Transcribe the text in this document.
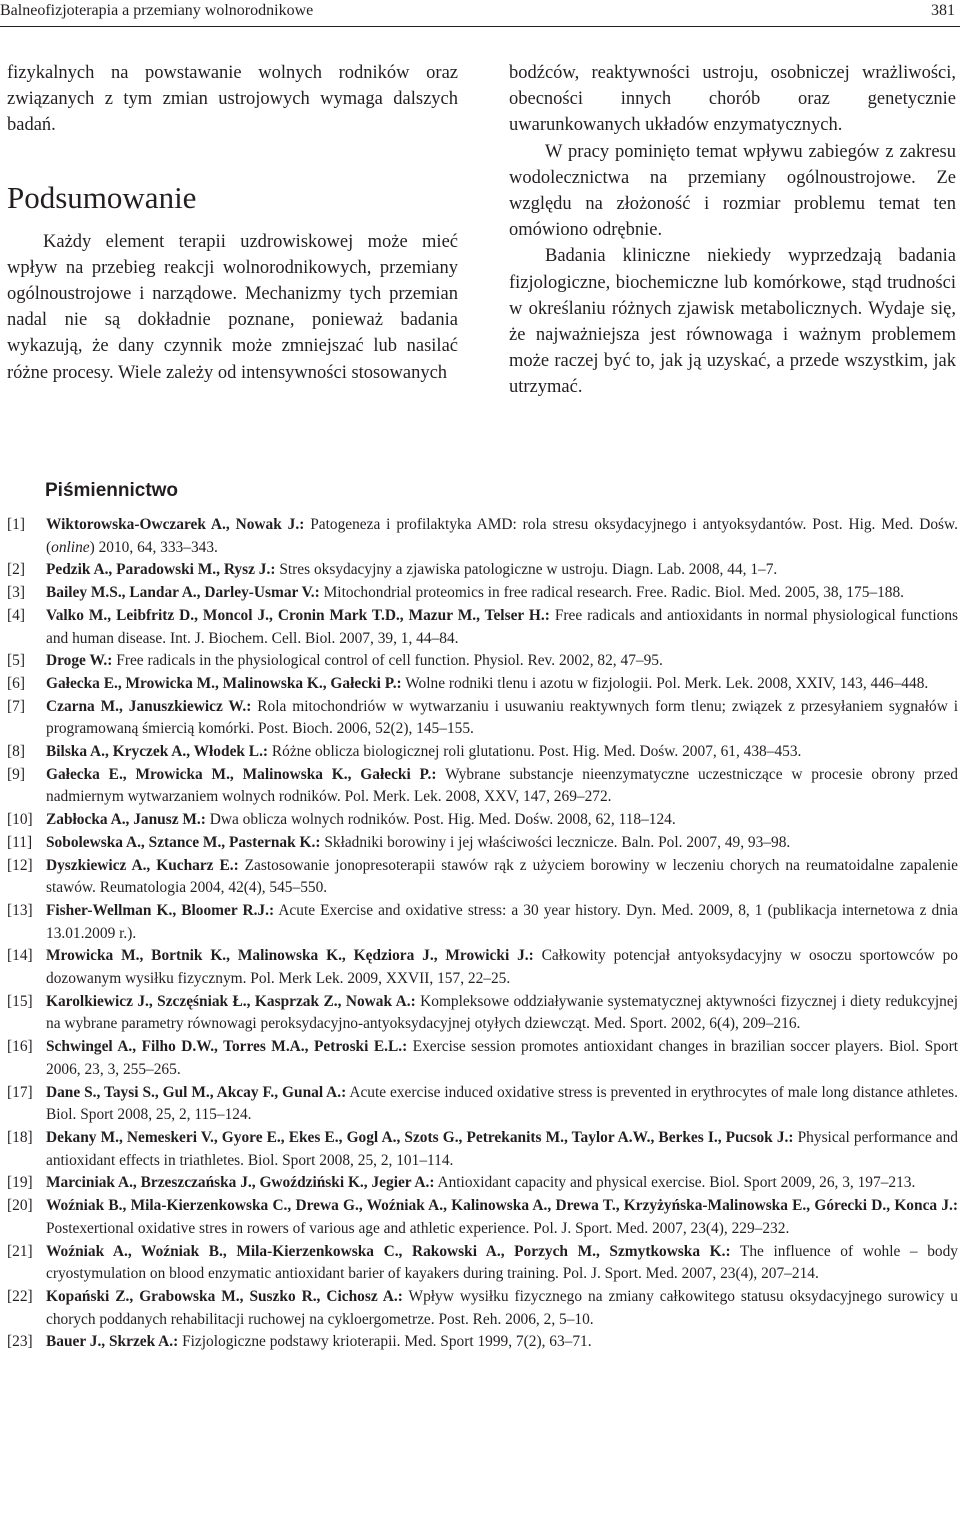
Balneofizjoterapia a przemiany wolnorodnikowe	381

fizykalnych na powstawanie wolnych rodników oraz związanych z tym zmian ustrojowych wymaga dalszych badań.

Podsumowanie

Każdy element terapii uzdrowiskowej może mieć wpływ na przebieg reakcji wolnorodnikowych, przemiany ogólnoustrojowe i narządowe. Mechanizmy tych przemian nadal nie są dokładnie poznane, ponieważ badania wykazują, że dany czynnik może zmniejszać lub nasilać różne procesy. Wiele zależy od intensywności stosowanych

bodźców, reaktywności ustroju, osobniczej wrażliwości, obecności innych chorób oraz genetycznie uwarunkowanych układów enzymatycznych.

W pracy pominięto temat wpływu zabiegów z zakresu wodolecznictwa na przemiany ogólnoustrojowe. Ze względu na złożoność i rozmiar problemu temat ten omówiono odrębnie.

Badania kliniczne niekiedy wyprzedzają badania fizjologiczne, biochemiczne lub komórkowe, stąd trudności w określaniu różnych zjawisk metabolicznych. Wydaje się, że najważniejsza jest równowaga i ważnym problemem może raczej być to, jak ją uzyskać, a przede wszystkim, jak utrzymać.

Piśmiennictwo
[1] Wiktorowska-Owczarek A., Nowak J.: Patogeneza i profilaktyka AMD: rola stresu oksydacyjnego i antyoksydantów. Post. Hig. Med. Dośw. (online) 2010, 64, 333–343.
[2] Pedzik A., Paradowski M., Rysz J.: Stres oksydacyjny a zjawiska patologiczne w ustroju. Diagn. Lab. 2008, 44, 1–7.
[3] Bailey M.S., Landar A., Darley-Usmar V.: Mitochondrial proteomics in free radical research. Free. Radic. Biol. Med. 2005, 38, 175–188.
[4] Valko M., Leibfritz D., Moncol J., Cronin Mark T.D., Mazur M., Telser H.: Free radicals and antioxidants in normal physiological functions and human disease. Int. J. Biochem. Cell. Biol. 2007, 39, 1, 44–84.
[5] Droge W.: Free radicals in the physiological control of cell function. Physiol. Rev. 2002, 82, 47–95.
[6] Gałecka E., Mrowicka M., Malinowska K., Gałecki P.: Wolne rodniki tlenu i azotu w fizjologii. Pol. Merk. Lek. 2008, XXIV, 143, 446–448.
[7] Czarna M., Januszkiewicz W.: Rola mitochondriów w wytwarzaniu i usuwaniu reaktywnych form tlenu; związek z przesyłaniem sygnałów i programowaną śmiercią komórki. Post. Bioch. 2006, 52(2), 145–155.
[8] Bilska A., Kryczek A., Włodek L.: Różne oblicza biologicznej roli glutationu. Post. Hig. Med. Dośw. 2007, 61, 438–453.
[9] Gałecka E., Mrowicka M., Malinowska K., Gałecki P.: Wybrane substancje nieenzymatyczne uczestniczące w procesie obrony przed nadmiernym wytwarzaniem wolnych rodników. Pol. Merk. Lek. 2008, XXV, 147, 269–272.
[10] Zabłocka A., Janusz M.: Dwa oblicza wolnych rodników. Post. Hig. Med. Dośw. 2008, 62, 118–124.
[11] Sobolewska A., Sztance M., Pasternak K.: Składniki borowiny i jej właściwości lecznicze. Baln. Pol. 2007, 49, 93–98.
[12] Dyszkiewicz A., Kucharz E.: Zastosowanie jonopresoterapii stawów rąk z użyciem borowiny w leczeniu chorych na reumatoidalne zapalenie stawów. Reumatologia 2004, 42(4), 545–550.
[13] Fisher-Wellman K., Bloomer R.J.: Acute Exercise and oxidative stress: a 30 year history. Dyn. Med. 2009, 8, 1 (publikacja internetowa z dnia 13.01.2009 r.).
[14] Mrowicka M., Bortnik K., Malinowska K., Kędziora J., Mrowicki J.: Całkowity potencjał antyoksydacyjny w osoczu sportowców po dozowanym wysiłku fizycznym. Pol. Merk Lek. 2009, XXVII, 157, 22–25.
[15] Karolkiewicz J., Szczęśniak Ł., Kasprzak Z., Nowak A.: Kompleksowe oddziaływanie systematycznej aktywności fizycznej i diety redukcyjnej na wybrane parametry równowagi peroksydacyjno-antyoksydacyjnej otyłych dziewcząt. Med. Sport. 2002, 6(4), 209–216.
[16] Schwingel A., Filho D.W., Torres M.A., Petroski E.L.: Exercise session promotes antioxidant changes in brazilian soccer players. Biol. Sport 2006, 23, 3, 255–265.
[17] Dane S., Taysi S., Gul M., Akcay F., Gunal A.: Acute exercise induced oxidative stress is prevented in erythrocytes of male long distance athletes. Biol. Sport 2008, 25, 2, 115–124.
[18] Dekany M., Nemeskeri V., Gyore E., Ekes E., Gogl A., Szots G., Petrekanits M., Taylor A.W., Berkes I., Pucsok J.: Physical performance and antioxidant effects in triathletes. Biol. Sport 2008, 25, 2, 101–114.
[19] Marciniak A., Brzeszczańska J., Gwoździński K., Jegier A.: Antioxidant capacity and physical exercise. Biol. Sport 2009, 26, 3, 197–213.
[20] Woźniak B., Mila-Kierzenkowska C., Drewa G., Woźniak A., Kalinowska A., Drewa T., Krzyżyńska-Malinowska E., Górecki D., Konca J.: Postexertional oxidative stres in rowers of various age and athletic experience. Pol. J. Sport. Med. 2007, 23(4), 229–232.
[21] Woźniak A., Woźniak B., Mila-Kierzenkowska C., Rakowski A., Porzych M., Szmytkowska K.: The influence of wohle – body cryostymulation on blood enzymatic antioxidant barier of kayakers during training. Pol. J. Sport. Med. 2007, 23(4), 207–214.
[22] Kopański Z., Grabowska M., Suszko R., Cichosz A.: Wpływ wysiłku fizycznego na zmiany całkowitego statusu oksydacyjnego surowicy u chorych poddanych rehabilitacji ruchowej na cykloergometrze. Post. Reh. 2006, 2, 5–10.
[23] Bauer J., Skrzek A.: Fizjologiczne podstawy krioterapii. Med. Sport 1999, 7(2), 63–71.
